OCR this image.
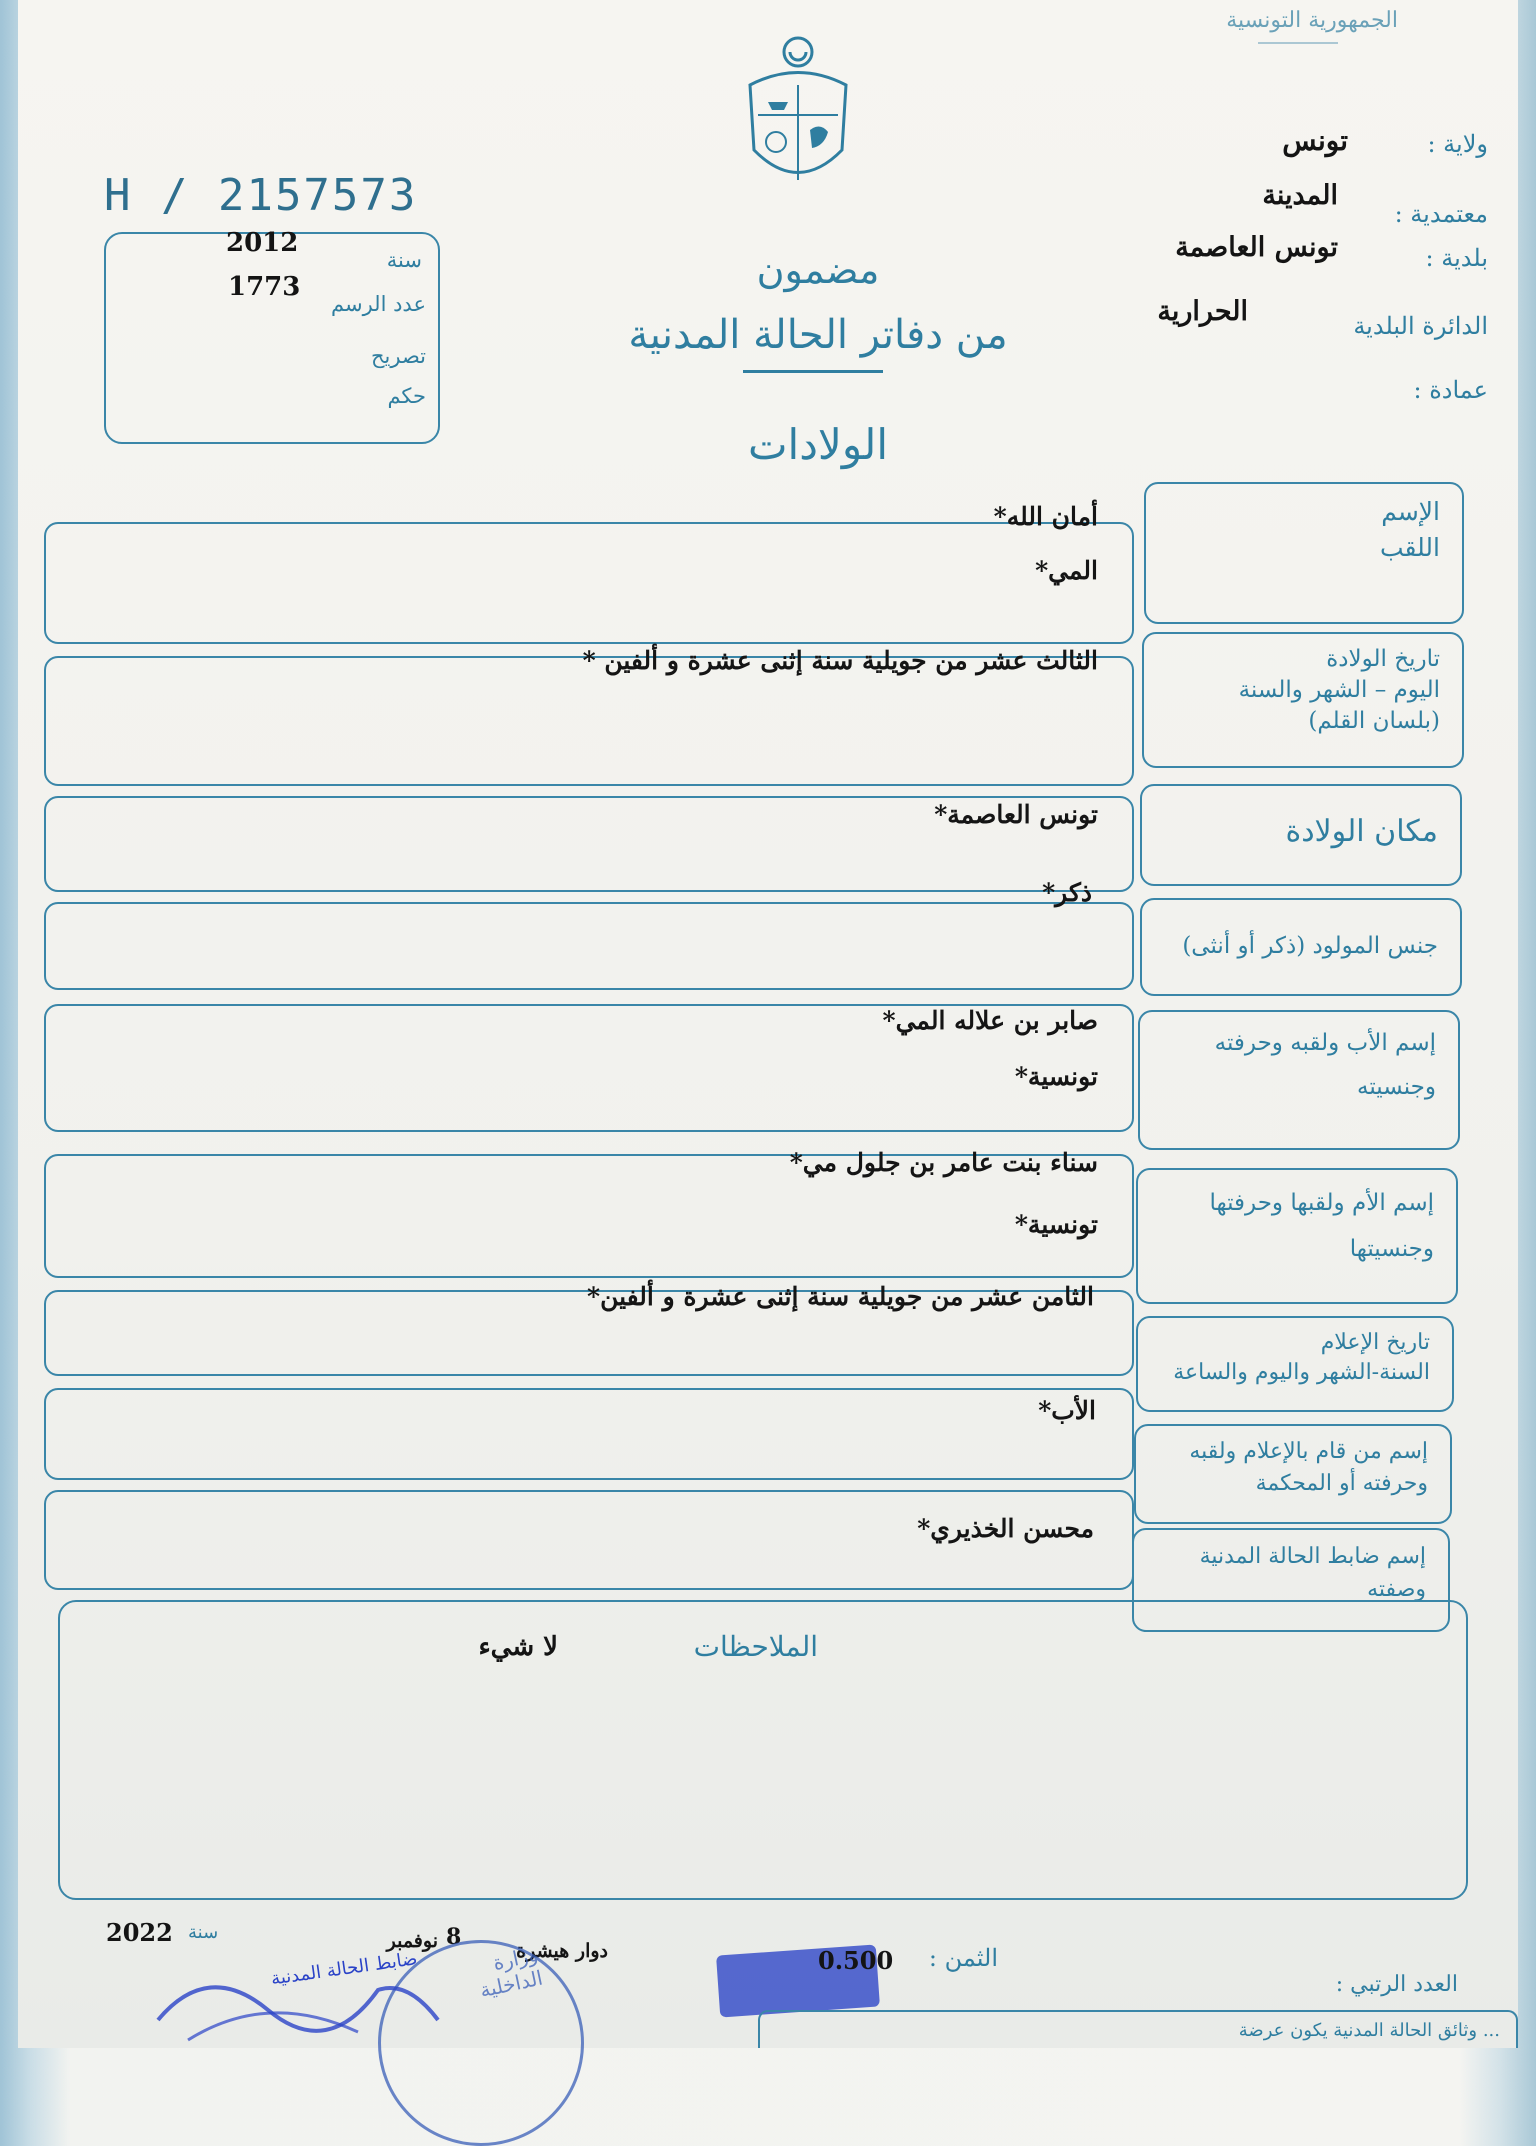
الجمهورية التونسية
ولاية :
تونس
معتمدية :
المدينة
بلدية :
تونس العاصمة
الدائرة البلدية
الحرارية
عمادة :
H / 2157573
2012
سنة
1773
عدد الرسم
تصريح
حكم
مضمون
من دفاتر الحالة المدنية
الولادات
الإسم
اللقب
أمان الله*
المي*
تاريخ الولادة
اليوم – الشهر والسنة
(بلسان القلم)
الثالث عشر من جويلية سنة إثنى عشرة و ألفين *
مكان الولادة
تونس العاصمة*
جنس المولود (ذكر أو أنثى)
ذكر*
إسم الأب ولقبه وحرفته
وجنسيته
صابر بن علاله المي*
تونسية*
إسم الأم ولقبها وحرفتها
وجنسيتها
سناء بنت عامر بن جلول مي*
تونسية*
تاريخ الإعلام
السنة-الشهر واليوم والساعة
الثامن عشر من جويلية سنة إثنى عشرة و ألفين*
إسم من قام بالإعلام ولقبه
وحرفته أو المحكمة
الأب*
إسم ضابط الحالة المدنية
وصفته
محسن الخذيري*
الملاحظات
لا شيء
2022 سنة	نوفمبر 8
دوار هيشرة
وزارة الداخلية
ضابط الحالة المدنية	0.500	الثمن :
العدد الرتبي :
... وثائق الحالة المدنية يكون عرضة
